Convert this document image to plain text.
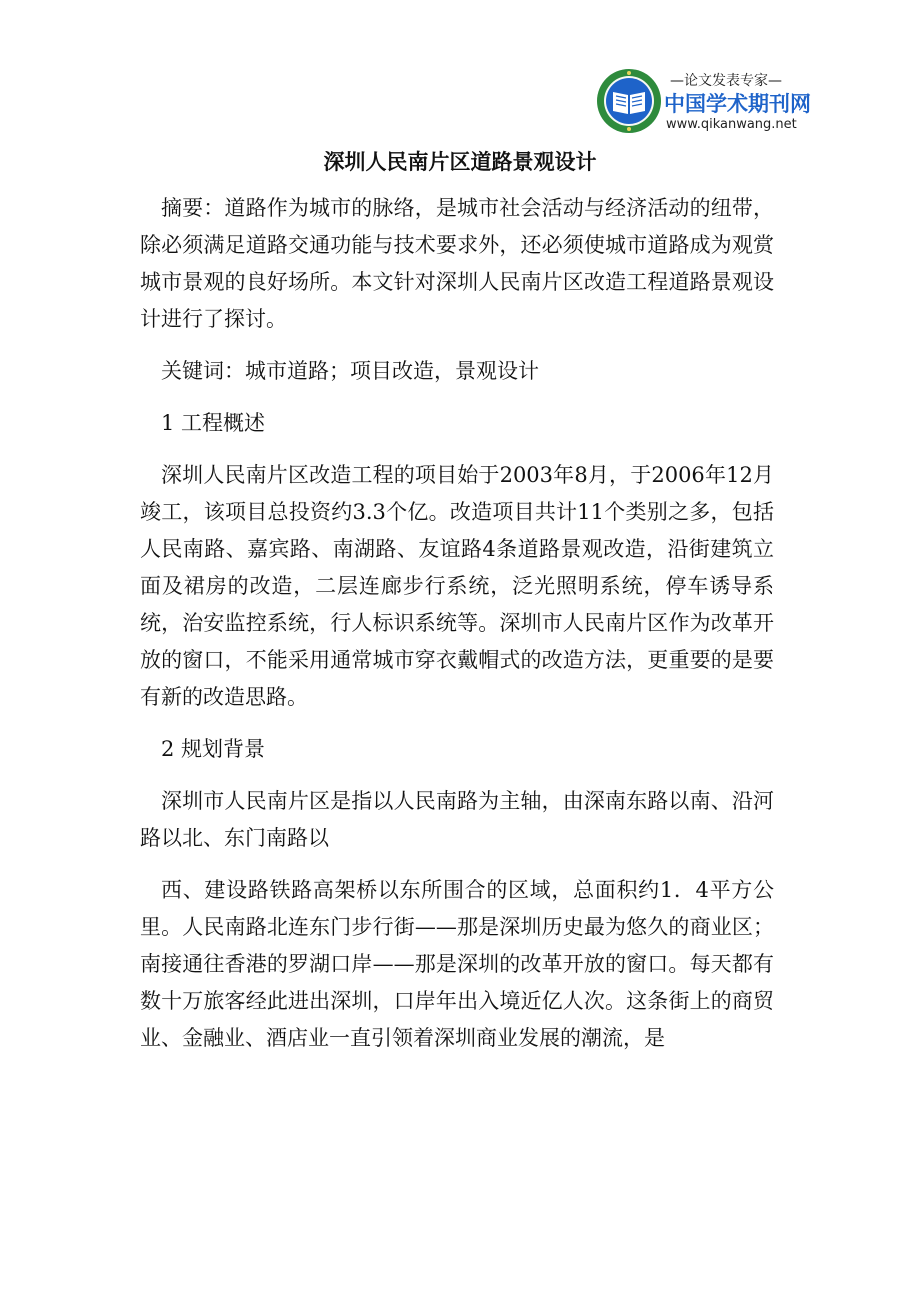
—论文发表专家—
中国学术期刊网
www.qikanwang.net
深圳人民南片区道路景观设计

摘要：道路作为城市的脉络，是城市社会活动与经济活动的纽带，除必须满足道路交通功能与技术要求外，还必须使城市道路成为观赏城市景观的良好场所。本文针对深圳人民南片区改造工程道路景观设计进行了探讨。

关键词：城市道路；项目改造，景观设计

1 工程概述

深圳人民南片区改造工程的项目始于2003年8月，于2006年12月竣工，该项目总投资约3.3个亿。改造项目共计11个类别之多，包括人民南路、嘉宾路、南湖路、友谊路4条道路景观改造，沿街建筑立面及裙房的改造，二层连廊步行系统，泛光照明系统，停车诱导系统，治安监控系统，行人标识系统等。深圳市人民南片区作为改革开放的窗口，不能采用通常城市穿衣戴帽式的改造方法，更重要的是要有新的改造思路。

2 规划背景

深圳市人民南片区是指以人民南路为主轴，由深南东路以南、沿河路以北、东门南路以

西、建设路铁路高架桥以东所围合的区域，总面积约1．4平方公里。人民南路北连东门步行街——那是深圳历史最为悠久的商业区；南接通往香港的罗湖口岸——那是深圳的改革开放的窗口。每天都有数十万旅客经此进出深圳，口岸年出入境近亿人次。这条街上的商贸业、金融业、酒店业一直引领着深圳商业发展的潮流，是
